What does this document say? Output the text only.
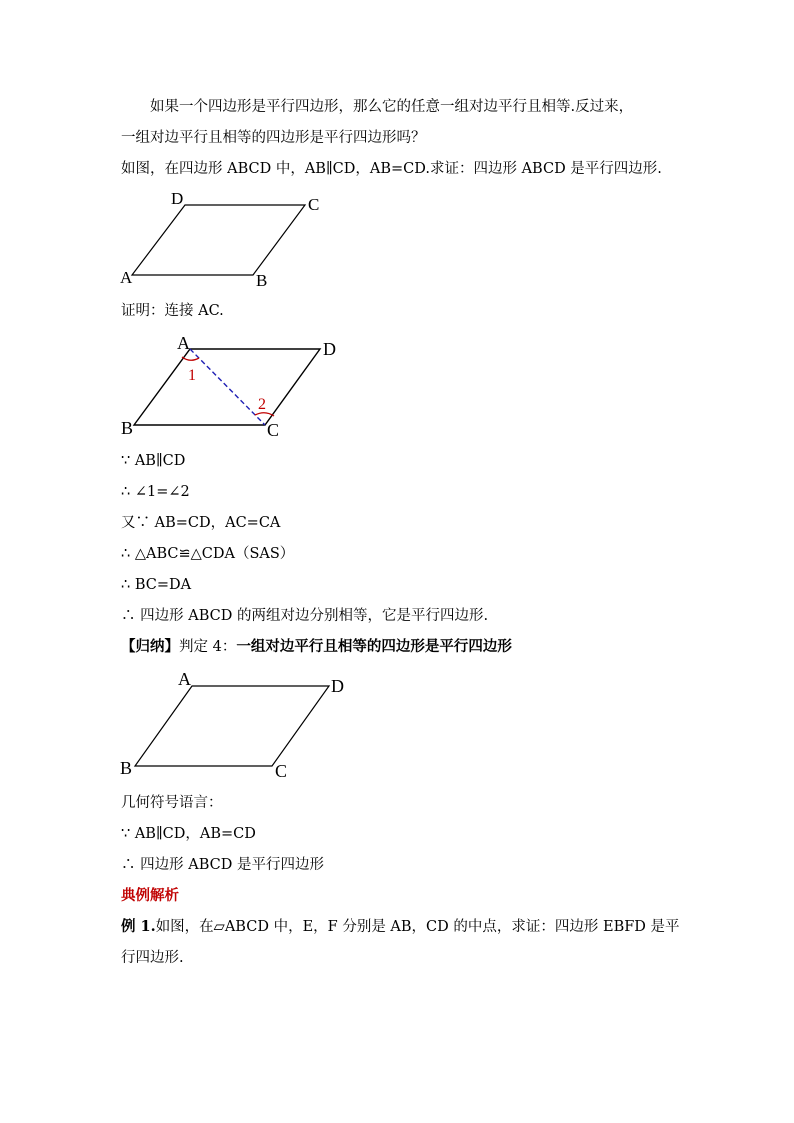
如果一个四边形是平行四边形，那么它的任意一组对边平行且相等.反过来，
一组对边平行且相等的四边形是平行四边形吗？
如图，在四边形 ABCD 中，AB∥CD，AB=CD.求证：四边形 ABCD 是平行四边形.
A	B
C
D
证明：连接 AC.
1
2
A
B	C
D
∵ AB∥CD
∴ ∠1=∠2
又∵ AB=CD，AC=CA
∴ △ABC≌△CDA（SAS）
∴ BC=DA
∴ 四边形 ABCD 的两组对边分别相等，它是平行四边形.
【归纳】判定 4：一组对边平行且相等的四边形是平行四边形
A
B	C
D
几何符号语言：
∵ AB∥CD，AB=CD
∴ 四边形 ABCD 是平行四边形
典例解析
例 1.如图，在▱ABCD 中，E，F 分别是 AB，CD 的中点，求证：四边形 EBFD 是平
行四边形.
